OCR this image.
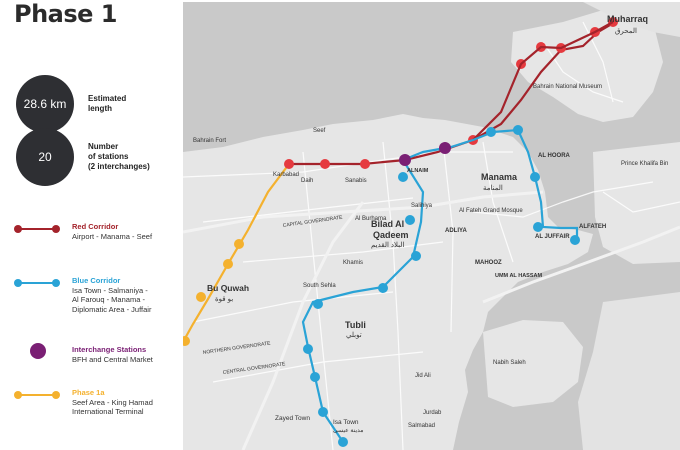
Phase 1
28.6 km	Estimated
length
20
Number
of stations
(2 interchanges)
Red Corridor
Airport - Manama - Seef
Blue Corridor
Isa Town - Salmaniya -
Al Farouq - Manama -
Diplomatic Area - Juffair
Interchange Stations
BFH and Central Market
Phase 1a
Seef Area - King Hamad
International Terminal
Muharraq
المحرق
Manama
المنامة
Bilad Al
Qadeem
البلاد القديم
Bu Quwah
بو قوة
Tubli
توبلي
Zayed Town
Isa Town
مدينة عيسى
AL HOORA
AL JUFFAIR
ALFATEH
ALNAIM
ADLIYA
MAHOOZ
UMM AL HASSAM
Al Fateh Grand Mosque
Bahrain Fort
Karbabad
Seef
Daih	Sanabis
Al Burhama
Salihiya
Khamis
South Sehla
Jurdab
Salmabad
Jid Ali
Nabih Saleh
Prince Khalifa Bin
Bahrain National Museum
CAPITAL GOVERNORATE
NORTHERN GOVERNORATE
CENTRAL GOVERNORATE
